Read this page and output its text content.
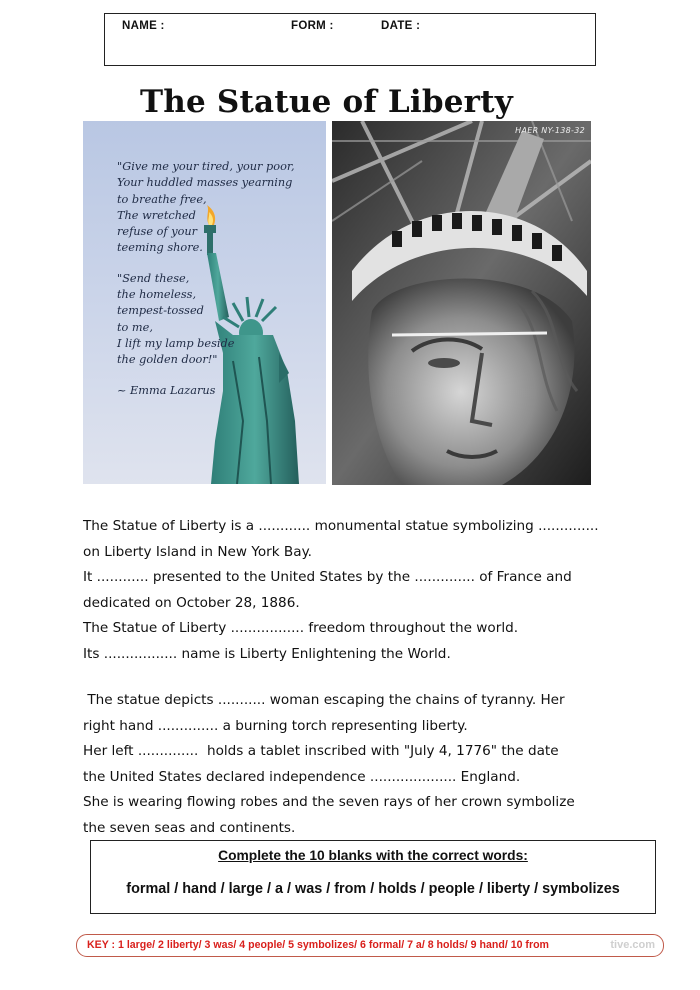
NAME :	FORM :	DATE :
The Statue of Liberty
"Give me your tired, your poor,
Your huddled masses yearning
to breathe free,
The wretched
refuse of your
teeming shore.
"Send these,
the homeless,
tempest-tossed
to me,
I lift my lamp beside
the golden door!"
~ Emma Lazarus
HAER NY-138-32
The Statue of Liberty is a ............ monumental statue symbolizing ..............
on Liberty Island in New York Bay.
It ............ presented to the United States by the .............. of France and
dedicated on October 28, 1886.
The Statue of Liberty ................. freedom throughout the world.
Its ................. name is Liberty Enlightening the World.
The statue depicts ........... woman escaping the chains of tyranny. Her
right hand .............. a burning torch representing liberty.
Her left ..............  holds a tablet inscribed with "July 4, 1776" the date
the United States declared independence .................... England.
She is wearing flowing robes and the seven rays of her crown symbolize
the seven seas and continents.
Complete the 10 blanks with the correct words:
formal / hand / large / a / was / from / holds / people / liberty / symbolizes
KEY : 1 large/ 2 liberty/ 3 was/ 4 people/ 5 symbolizes/ 6 formal/ 7 a/ 8 holds/ 9 hand/ 10 from	tive.com
